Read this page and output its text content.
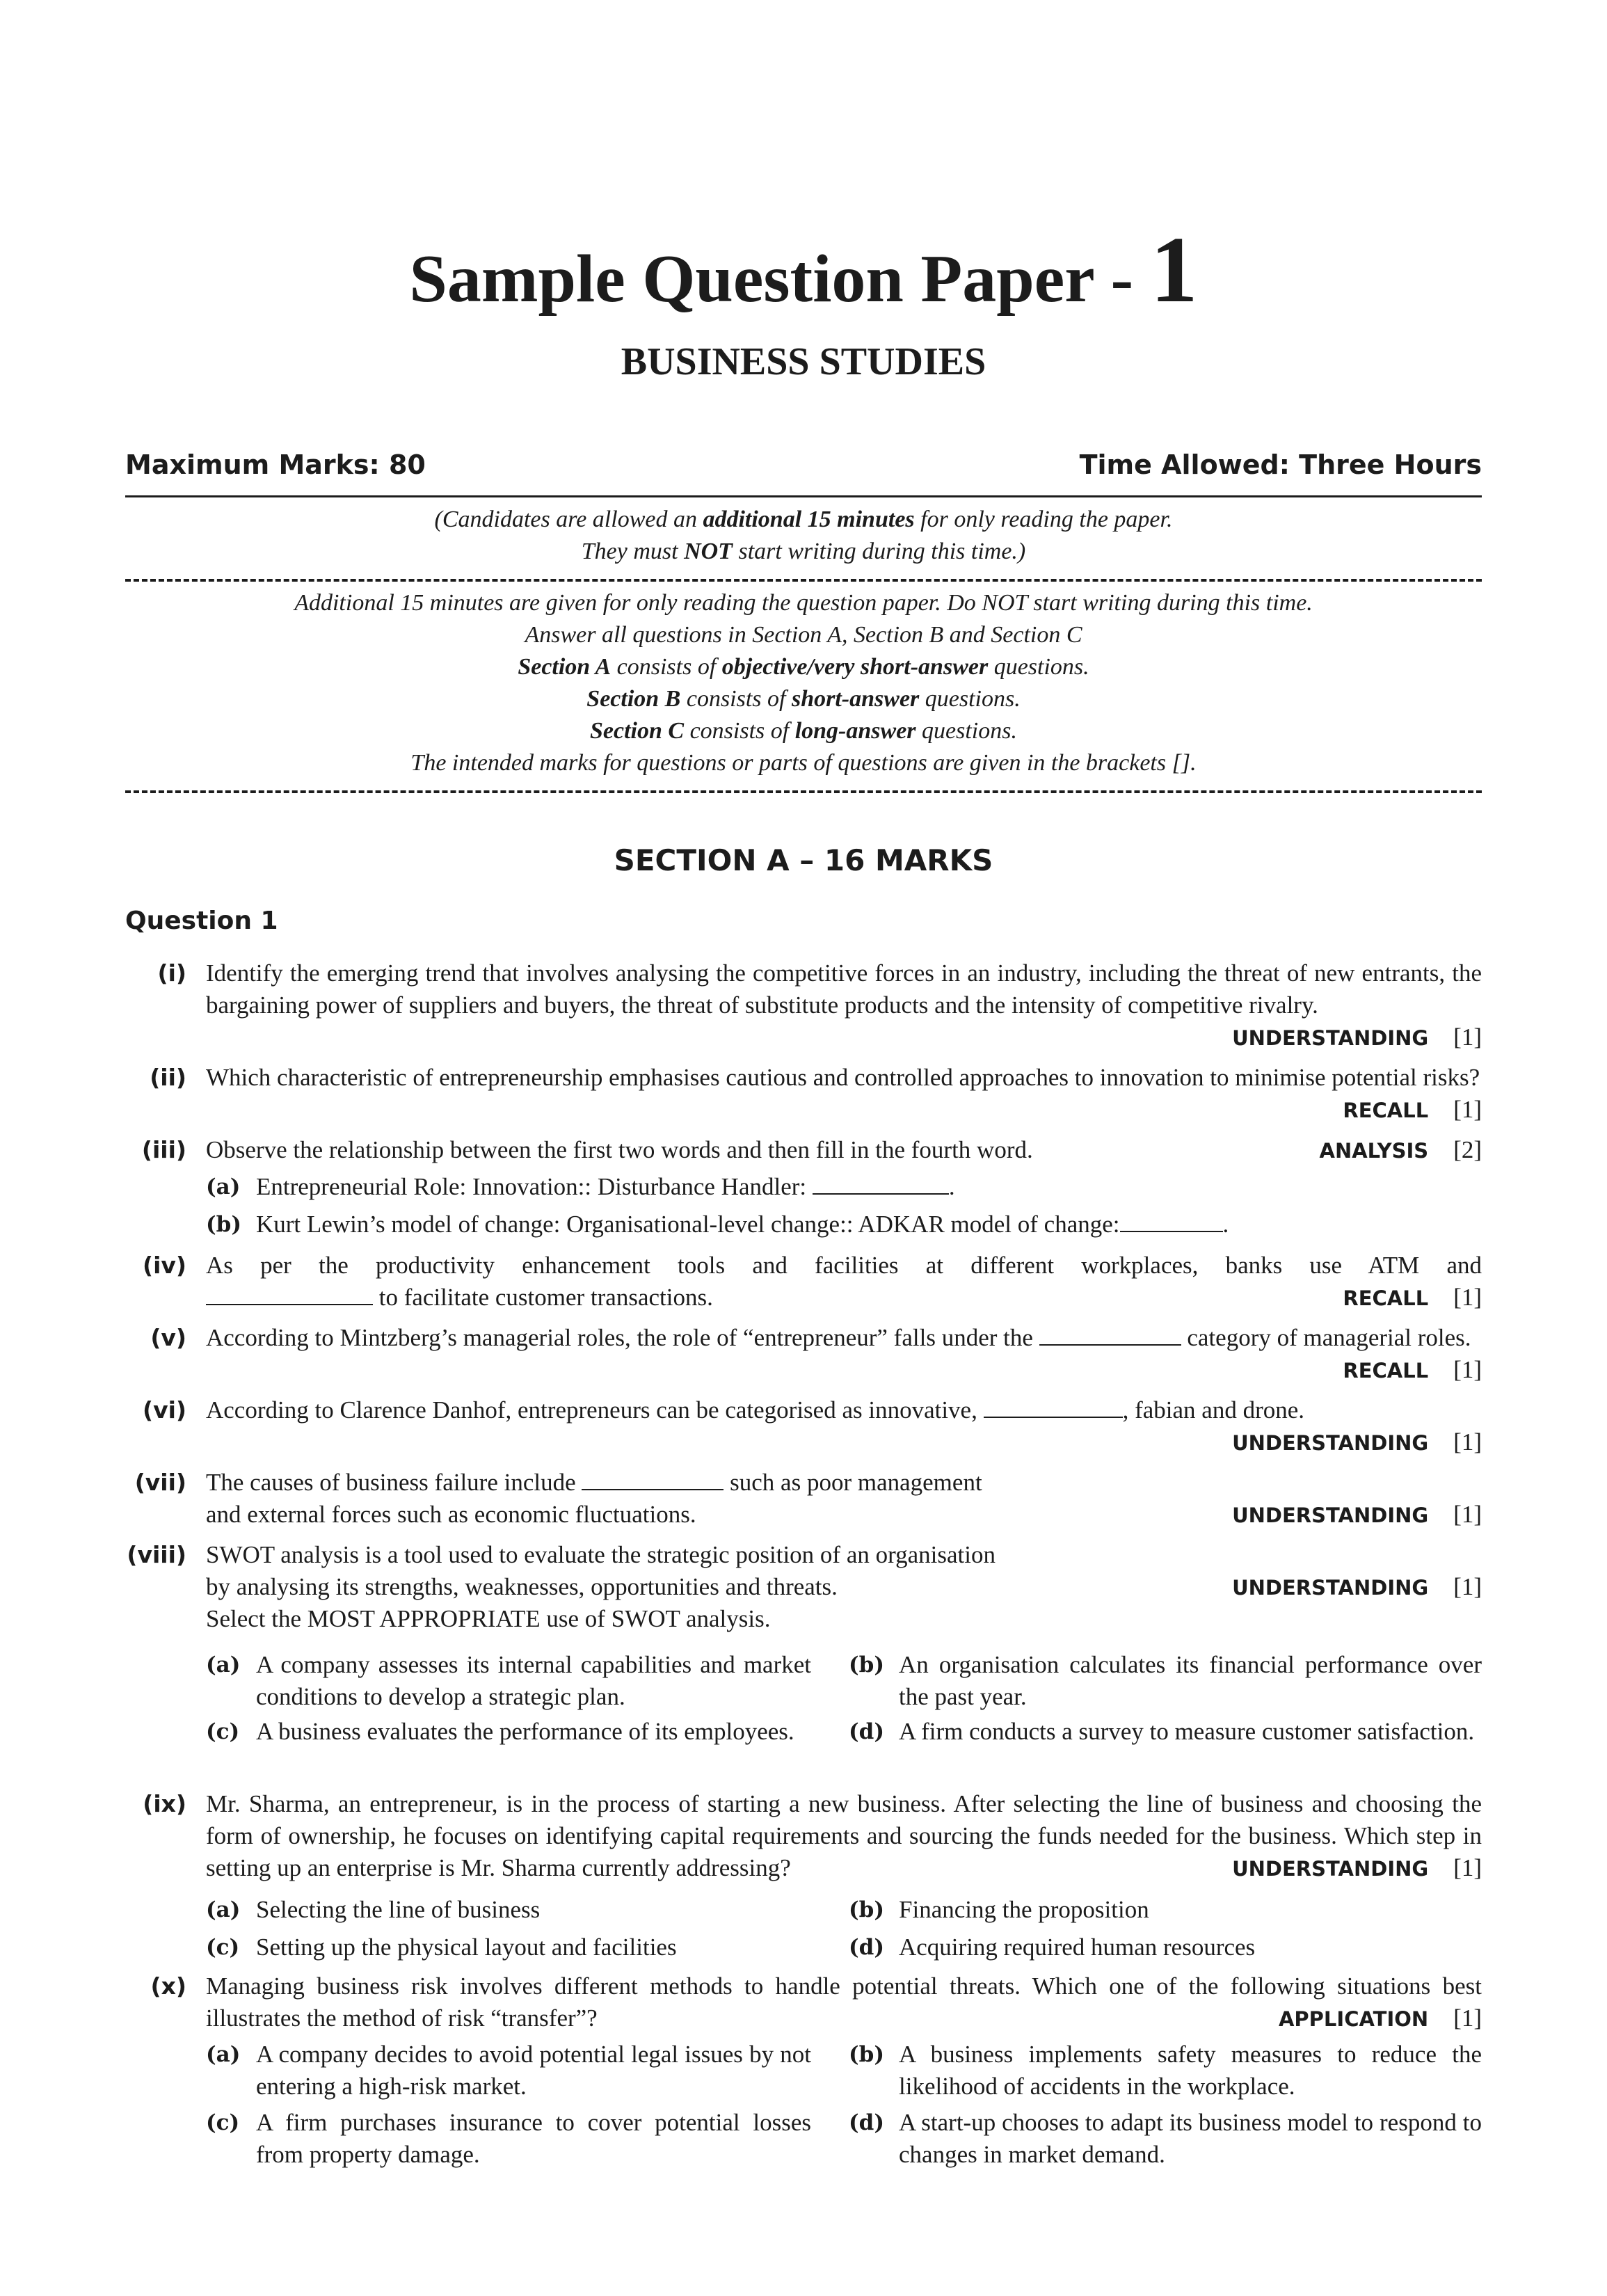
Sample Question Paper - 1
BUSINESS STUDIES
Maximum Marks: 80	Time Allowed: Three Hours
(Candidates are allowed an additional 15 minutes for only reading the paper.
They must NOT start writing during this time.)
Additional 15 minutes are given for only reading the question paper. Do NOT start writing during this time.
Answer all questions in Section A, Section B and Section C
Section A consists of objective/very short-answer questions.
Section B consists of short-answer questions.
Section C consists of long-answer questions.
The intended marks for questions or parts of questions are given in the brackets [].
SECTION A – 16 MARKS
Question 1
(i) Identify the emerging trend that involves analysing the competitive forces in an industry, including the threat of new entrants, the bargaining power of suppliers and buyers, the threat of substitute products and the intensity of competitive rivalry.
UNDERSTANDING [1]
(ii) Which characteristic of entrepreneurship emphasises cautious and controlled approaches to innovation to minimise potential risks?
RECALL [1]
(iii) Observe the relationship between the first two words and then fill in the fourth word.	ANALYSIS [2]
(a) Entrepreneurial Role: Innovation:: Disturbance Handler:	.
(b) Kurt Lewin’s model of change: Organisational-level change:: ADKAR model of change:	.
(iv) As per the productivity enhancement tools and facilities at different workplaces, banks use ATM and
to facilitate customer transactions.	RECALL [1]
(v) According to Mintzberg’s managerial roles, the role of “entrepreneur” falls under the	category of managerial roles.
RECALL [1]
(vi) According to Clarence Danhof, entrepreneurs can be categorised as innovative,	, fabian and drone.
UNDERSTANDING [1]
(vii) The causes of business failure include	such as poor management
and external forces such as economic fluctuations.	UNDERSTANDING [1]
(viii) SWOT analysis is a tool used to evaluate the strategic position of an organisation
by analysing its strengths, weaknesses, opportunities and threats.	UNDERSTANDING [1]
Select the MOST APPROPRIATE use of SWOT analysis.
(a) A company assesses its internal capabilities and market conditions to develop a strategic plan.
(b) An organisation calculates its financial performance over the past year.
(c) A business evaluates the performance of its employees.	(d) A firm conducts a survey to measure customer satisfaction.
(ix) Mr. Sharma, an entrepreneur, is in the process of starting a new business. After selecting the line of business and choosing the form of ownership, he focuses on identifying capital requirements and sourcing the funds needed for the business. Which step in setting up an enterprise is Mr. Sharma currently addressing?	UNDERSTANDING [1]
(a) Selecting the line of business	(b) Financing the proposition
(c) Setting up the physical layout and facilities	(d) Acquiring required human resources
(x) Managing business risk involves different methods to handle potential threats. Which one of the following situations best illustrates the method of risk “transfer”?	APPLICATION [1]
(a) A company decides to avoid potential legal issues by not entering a high-risk market.
(b) A business implements safety measures to reduce the likelihood of accidents in the workplace.
(c) A firm purchases insurance to cover potential losses from property damage.
(d) A start-up chooses to adapt its business model to respond to changes in market demand.
